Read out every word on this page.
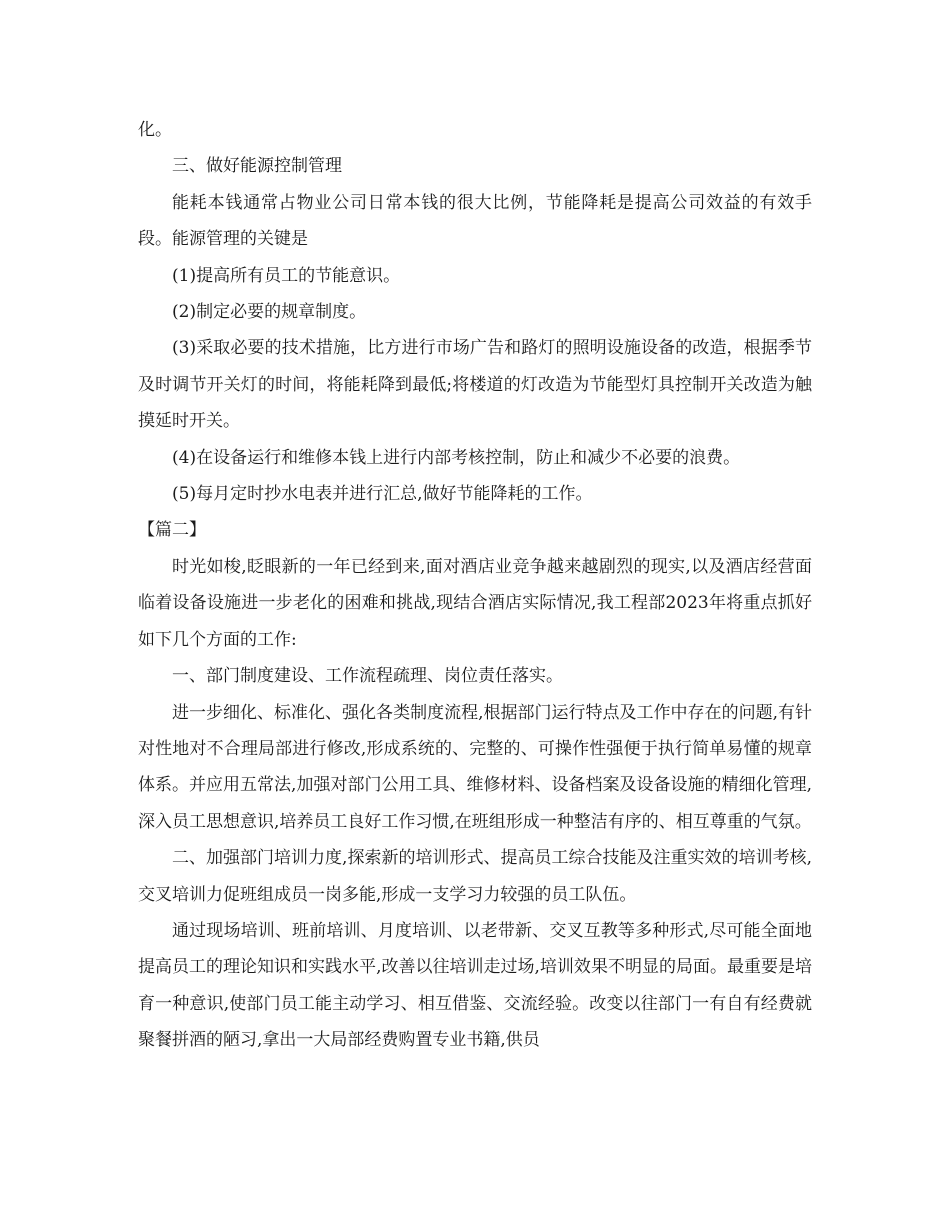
化。

三、做好能源控制管理

能耗本钱通常占物业公司日常本钱的很大比例，节能降耗是提高公司效益的有效手段。能源管理的关键是

(1)提高所有员工的节能意识。

(2)制定必要的规章制度。

(3)采取必要的技术措施，比方进行市场广告和路灯的照明设施设备的改造，根据季节及时调节开关灯的时间，将能耗降到最低;将楼道的灯改造为节能型灯具控制开关改造为触摸延时开关。

(4)在设备运行和维修本钱上进行内部考核控制，防止和减少不必要的浪费。

(5)每月定时抄水电表并进行汇总,做好节能降耗的工作。

【篇二】

时光如梭,眨眼新的一年已经到来,面对酒店业竞争越来越剧烈的现实,以及酒店经营面临着设备设施进一步老化的困难和挑战,现结合酒店实际情况,我工程部2023年将重点抓好如下几个方面的工作:

一、部门制度建设、工作流程疏理、岗位责任落实。

进一步细化、标准化、强化各类制度流程,根据部门运行特点及工作中存在的问题,有针对性地对不合理局部进行修改,形成系统的、完整的、可操作性强便于执行简单易懂的规章体系。并应用五常法,加强对部门公用工具、维修材料、设备档案及设备设施的精细化管理,深入员工思想意识,培养员工良好工作习惯,在班组形成一种整洁有序的、相互尊重的气氛。

二、加强部门培训力度,探索新的培训形式、提高员工综合技能及注重实效的培训考核,交叉培训力促班组成员一岗多能,形成一支学习力较强的员工队伍。

通过现场培训、班前培训、月度培训、以老带新、交叉互教等多种形式,尽可能全面地提高员工的理论知识和实践水平,改善以往培训走过场,培训效果不明显的局面。最重要是培育一种意识,使部门员工能主动学习、相互借鉴、交流经验。改变以往部门一有自有经费就聚餐拼酒的陋习,拿出一大局部经费购置专业书籍,供员
